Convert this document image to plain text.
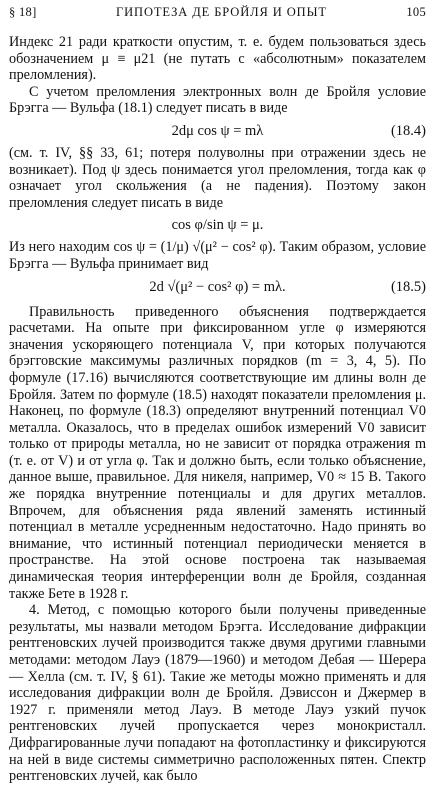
§ 18]	ГИПОТЕЗА ДЕ БРОЙЛЯ И ОПЫТ	105

Индекс 21 ради краткости опустим, т. е. будем пользоваться здесь обозначением μ ≡ μ21 (не путать с «абсолютным» показателем преломления).

С учетом преломления электронных волн де Бройля условие Брэгга — Вульфа (18.1) следует писать в виде

2dμ cos ψ = mλ	(18.4)

(см. т. IV, §§ 33, 61; потеря полуволны при отражении здесь не возникает). Под ψ здесь понимается угол преломления, тогда как φ означает угол скольжения (а не падения). Поэтому закон преломления следует писать в виде

cos φ/sin ψ = μ.

Из него находим cos ψ = (1/μ) √(μ² − cos² φ). Таким образом, условие Брэгга — Вульфа принимает вид

2d √(μ² − cos² φ) = mλ.	(18.5)

Правильность приведенного объяснения подтверждается расчетами. На опыте при фиксированном угле φ измеряются значения ускоряющего потенциала V, при которых получаются брэгговские максимумы различных порядков (m = 3, 4, 5). По формуле (17.16) вычисляются соответствующие им длины волн де Бройля. Затем по формуле (18.5) находят показатели преломления μ. Наконец, по формуле (18.3) определяют внутренний потенциал V0 металла. Оказалось, что в пределах ошибок измерений V0 зависит только от природы металла, но не зависит от порядка отражения m (т. е. от V) и от угла φ. Так и должно быть, если только объяснение, данное выше, правильное. Для никеля, например, V0 ≈ 15 В. Такого же порядка внутренние потенциалы и для других металлов. Впрочем, для объяснения ряда явлений заменять истинный потенциал в металле усредненным недостаточно. Надо принять во внимание, что истинный потенциал периодически меняется в пространстве. На этой основе построена так называемая динамическая теория интерференции волн де Бройля, созданная также Бете в 1928 г.

4. Метод, с помощью которого были получены приведенные результаты, мы назвали методом Брэгга. Исследование дифракции рентгеновских лучей производится также двумя другими главными методами: методом Лауэ (1879—1960) и методом Дебая — Шерера — Хелла (см. т. IV, § 61). Такие же методы можно применять и для исследования дифракции волн де Бройля. Дэвиссон и Джермер в 1927 г. применяли метод Лауэ. В методе Лауэ узкий пучок рентгеновских лучей пропускается через монокристалл. Дифрагированные лучи попадают на фотопластинку и фиксируются на ней в виде системы симметрично расположенных пятен. Спектр рентгеновских лучей, как было
